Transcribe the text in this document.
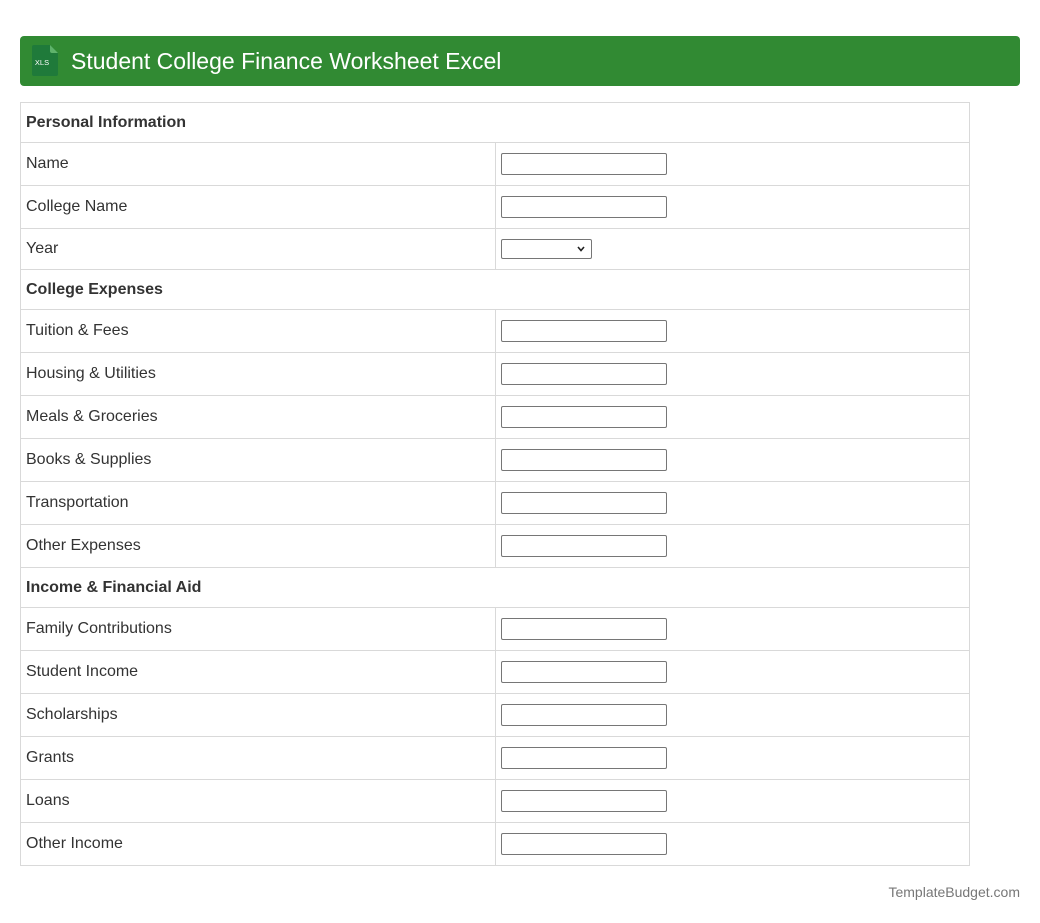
XLS Student College Finance Worksheet Excel
Personal Information	
Name	

College Name	

Year	

College Expenses	
Tuition & Fees	

Housing & Utilities	

Meals & Groceries	

Books & Supplies	

Transportation	

Other Expenses	

Income & Financial Aid	
Family Contributions	

Student Income	

Scholarships	

Grants	

Loans	

Other Income	
TemplateBudget.com
